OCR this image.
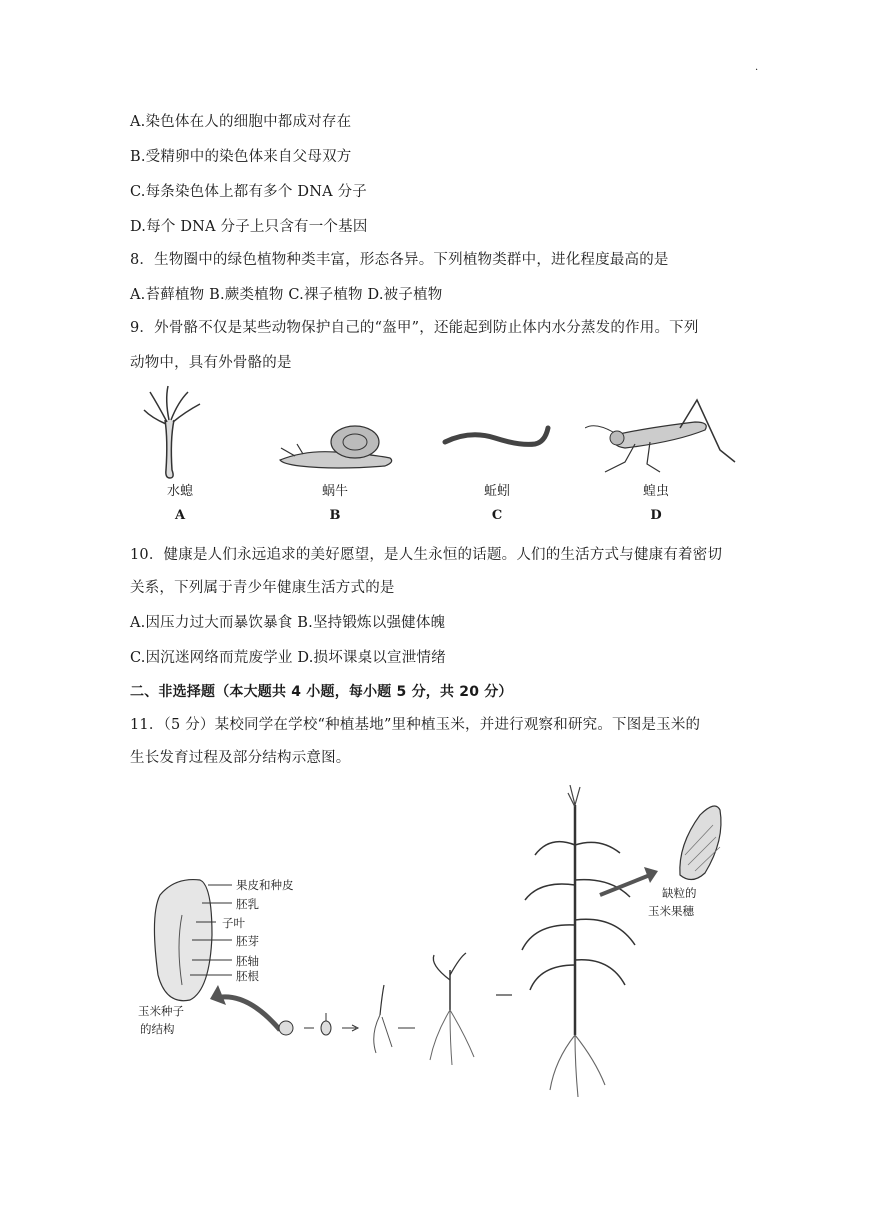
.
A.染色体在人的细胞中都成对存在
B.受精卵中的染色体来自父母双方
C.每条染色体上都有多个 DNA 分子
D.每个 DNA 分子上只含有一个基因
8．生物圈中的绿色植物种类丰富，形态各异。下列植物类群中，进化程度最高的是
A.苔藓植物 B.蕨类植物 C.裸子植物 D.被子植物
9．外骨骼不仅是某些动物保护自己的“盔甲”，还能起到防止体内水分蒸发的作用。下列
动物中，具有外骨骼的是
水螅	蜗牛	蚯蚓	蝗虫
A	B	C	D
10．健康是人们永远追求的美好愿望，是人生永恒的话题。人们的生活方式与健康有着密切
关系，下列属于青少年健康生活方式的是
A.因压力过大而暴饮暴食 B.坚持锻炼以强健体魄
C.因沉迷网络而荒废学业 D.损坏课桌以宣泄情绪
二、非选择题（本大题共 4 小题，每小题 5 分，共 20 分）
11．（5 分）某校同学在学校“种植基地”里种植玉米，并进行观察和研究。下图是玉米的
生长发育过程及部分结构示意图。
果皮和种皮
胚乳
子叶
胚芽
胚轴
胚根
玉米种子
的结构
缺粒的
玉米果穗
